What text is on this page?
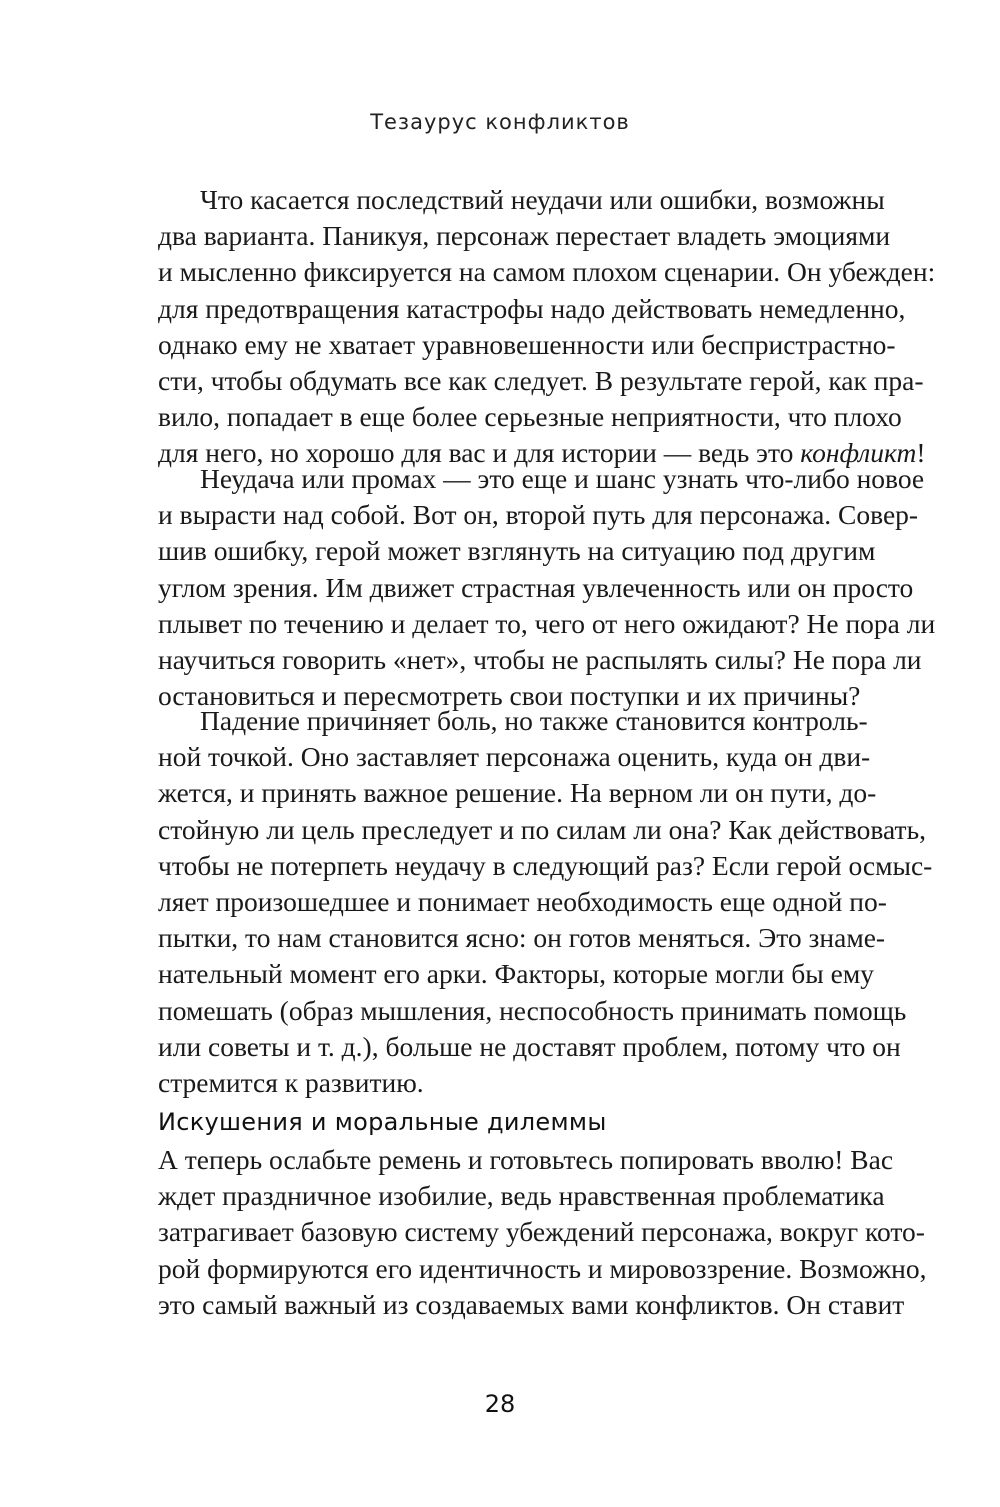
Тезаурус конфликтов
Что касается последствий неудачи или ошибки, возможны
два варианта. Паникуя, персонаж перестает владеть эмоциями
и мысленно фиксируется на самом плохом сценарии. Он убежден:
для предотвращения катастрофы надо действовать немедленно,
однако ему не хватает уравновешенности или беспристрастно-
сти, чтобы обдумать все как следует. В результате герой, как пра-
вило, попадает в еще более серьезные неприятности, что плохо
для него, но хорошо для вас и для истории — ведь это конфликт!
Неудача или промах — это еще и шанс узнать что-либо новое
и вырасти над собой. Вот он, второй путь для персонажа. Совер-
шив ошибку, герой может взглянуть на ситуацию под другим
углом зрения. Им движет страстная увлеченность или он просто
плывет по течению и делает то, чего от него ожидают? Не пора ли
научиться говорить «нет», чтобы не распылять силы? Не пора ли
остановиться и пересмотреть свои поступки и их причины?
Падение причиняет боль, но также становится контроль-
ной точкой. Оно заставляет персонажа оценить, куда он дви-
жется, и принять важное решение. На верном ли он пути, до-
стойную ли цель преследует и по силам ли она? Как действовать,
чтобы не потерпеть неудачу в следующий раз? Если герой осмыс-
ляет произошедшее и понимает необходимость еще одной по-
пытки, то нам становится ясно: он готов меняться. Это знаме-
нательный момент его арки. Факторы, которые могли бы ему
помешать (образ мышления, неспособность принимать помощь
или советы и т. д.), больше не доставят проблем, потому что он
стремится к развитию.
Искушения и моральные дилеммы
А теперь ослабьте ремень и готовьтесь попировать вволю! Вас
ждет праздничное изобилие, ведь нравственная проблематика
затрагивает базовую систему убеждений персонажа, вокруг кото-
рой формируются его идентичность и мировоззрение. Возможно,
это самый важный из создаваемых вами конфликтов. Он ставит
28
